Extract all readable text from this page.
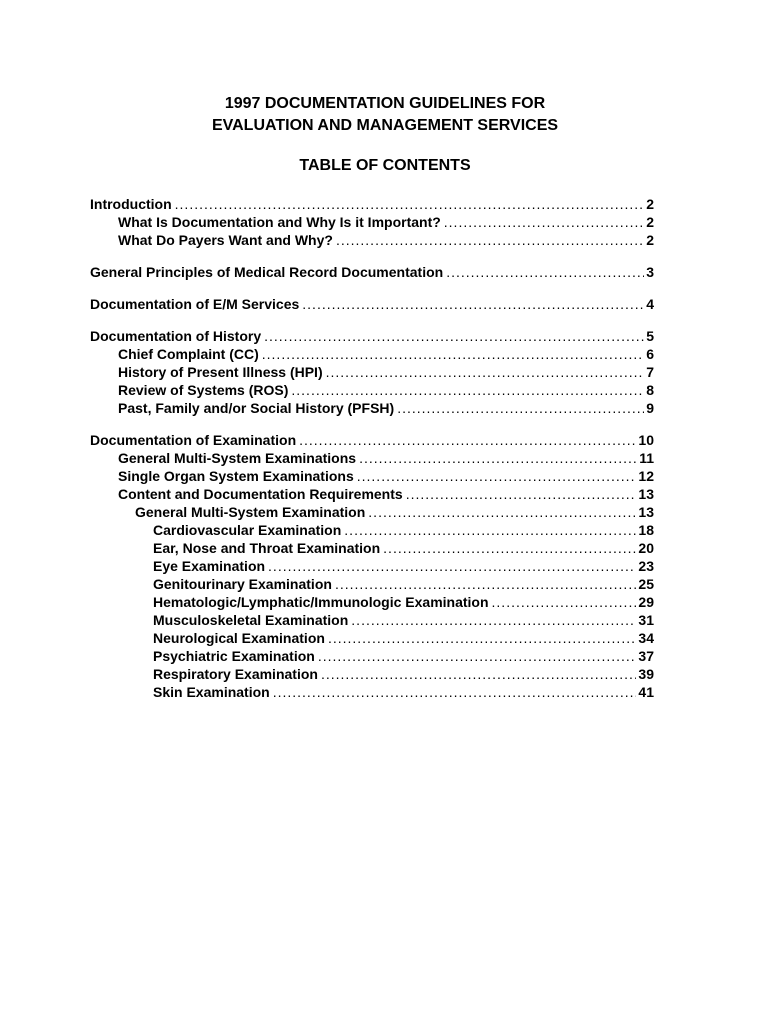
1997 DOCUMENTATION GUIDELINES FOR
EVALUATION AND MANAGEMENT SERVICES
TABLE OF CONTENTS
Introduction .....	2
What Is Documentation and Why Is it Important? .....	2
What Do Payers Want and Why? .....	2
General Principles of Medical Record Documentation .....	3
Documentation of E/M Services .....	4
Documentation of History .....	5
Chief Complaint (CC) .....	6
History of Present Illness (HPI) .....	7
Review of Systems (ROS) .....	8
Past, Family and/or Social History (PFSH) .....	9
Documentation of Examination .....	10
General Multi-System Examinations .....	11
Single Organ System Examinations .....	12
Content and Documentation Requirements .....	13
General Multi-System Examination .....	13
Cardiovascular Examination .....	18
Ear, Nose and Throat Examination .....	20
Eye Examination .....	23
Genitourinary Examination .....	25
Hematologic/Lymphatic/Immunologic Examination .....	29
Musculoskeletal Examination .....	31
Neurological Examination .....	34
Psychiatric Examination .....	37
Respiratory Examination .....	39
Skin Examination .....	41
